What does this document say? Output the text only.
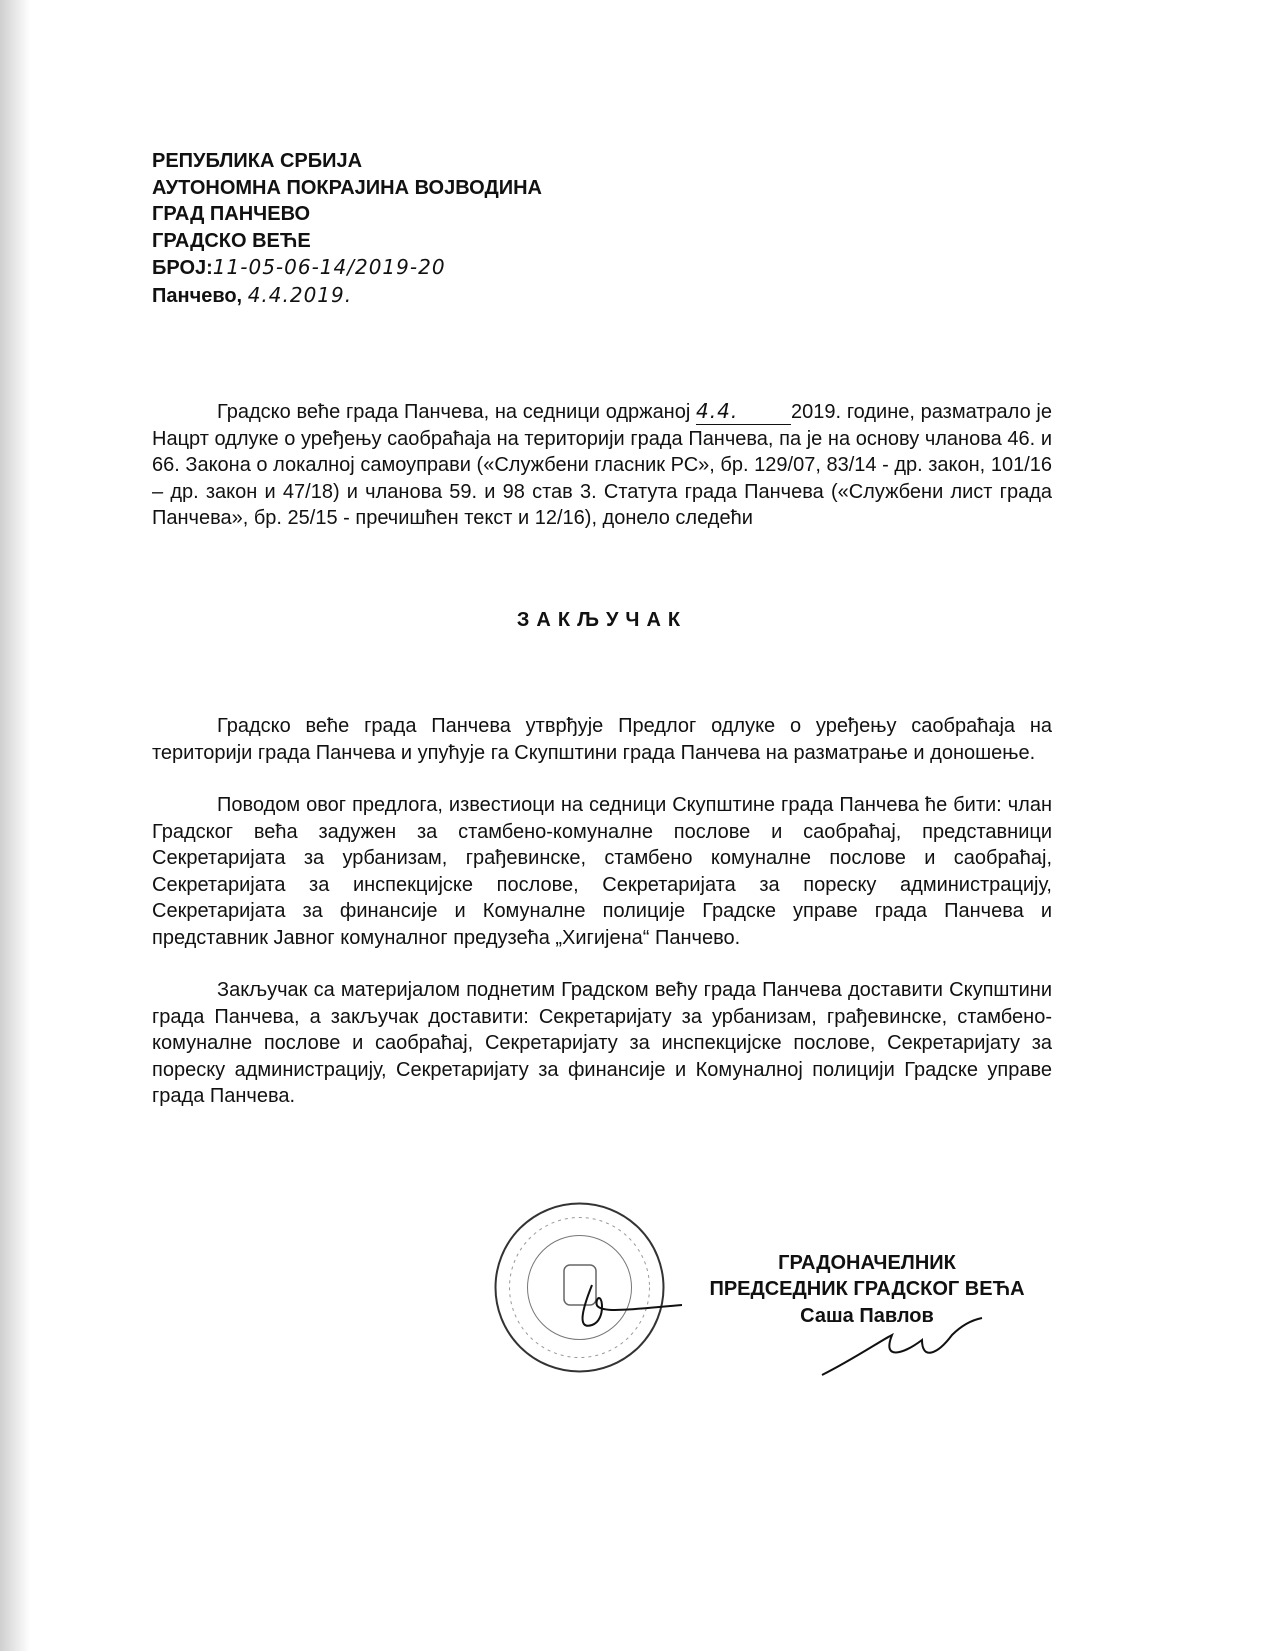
РЕПУБЛИКА СРБИЈА
АУТОНОМНА ПОКРАЈИНА ВОЈВОДИНА
ГРАД ПАНЧЕВО
ГРАДСКО ВЕЋЕ
БРОЈ:11-05-06-14/2019-20
Панчево, 4.4.2019.
Градско веће града Панчева, на седници одржаној 4.4.	2019. године, разматрало је Нацрт одлуке о уређењу саобраћаја на територији града Панчева, па је на основу чланова 46. и 66. Закона о локалној самоуправи («Службени гласник РС», бр. 129/07, 83/14 - др. закон, 101/16 – др. закон и 47/18) и чланова 59. и 98 став 3. Статута града Панчева («Службени лист града Панчева», бр. 25/15 - пречишћен текст и 12/16), донело следећи
ЗАКЉУЧАК
Градско веће града Панчева утврђује Предлог одлуке о уређењу саобраћаја на територији града Панчева и упућује га Скупштини града Панчева на разматрање и доношење.
Поводом овог предлога, известиоци на седници Скупштине града Панчева ће бити: члан Градског већа задужен за стамбено-комуналне послове и саобраћај, представници Секретаријата за урбанизам, грађевинске, стамбено комуналне послове и саобраћај, Секретаријата за инспекцијске послове, Секретаријата за пореску администрацију, Секретаријата за финансије и Комуналне полиције Градске управе града Панчева и представник Јавног комуналног предузећа „Хигијена“ Панчево.
Закључак са материјалом поднетим Градском већу града Панчева доставити Скупштини града Панчева, а закључак доставити: Секретаријату за урбанизам, грађевинске, стамбено-комуналне послове и саобраћај, Секретаријату за инспекцијске послове, Секретаријату за пореску администрацију, Секретаријату за финансије и Комуналној полицији Градске управе града Панчева.
ГРАДОНАЧЕЛНИК
ПРЕДСЕДНИК ГРАДСКОГ ВЕЋА
Саша Павлов
